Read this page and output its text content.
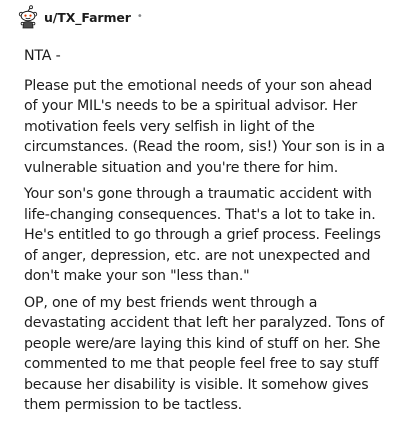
u/TX_Farmer •

NTA -

Please put the emotional needs of your son ahead of your MIL's needs to be a spiritual advisor. Her motivation feels very selfish in light of the circumstances. (Read the room, sis!) Your son is in a vulnerable situation and you're there for him.

Your son's gone through a traumatic accident with life-changing consequences. That's a lot to take in. He's entitled to go through a grief process. Feelings of anger, depression, etc. are not unexpected and don't make your son "less than."

OP, one of my best friends went through a devastating accident that left her paralyzed. Tons of people were/are laying this kind of stuff on her. She commented to me that people feel free to say stuff because her disability is visible. It somehow gives them permission to be tactless.
